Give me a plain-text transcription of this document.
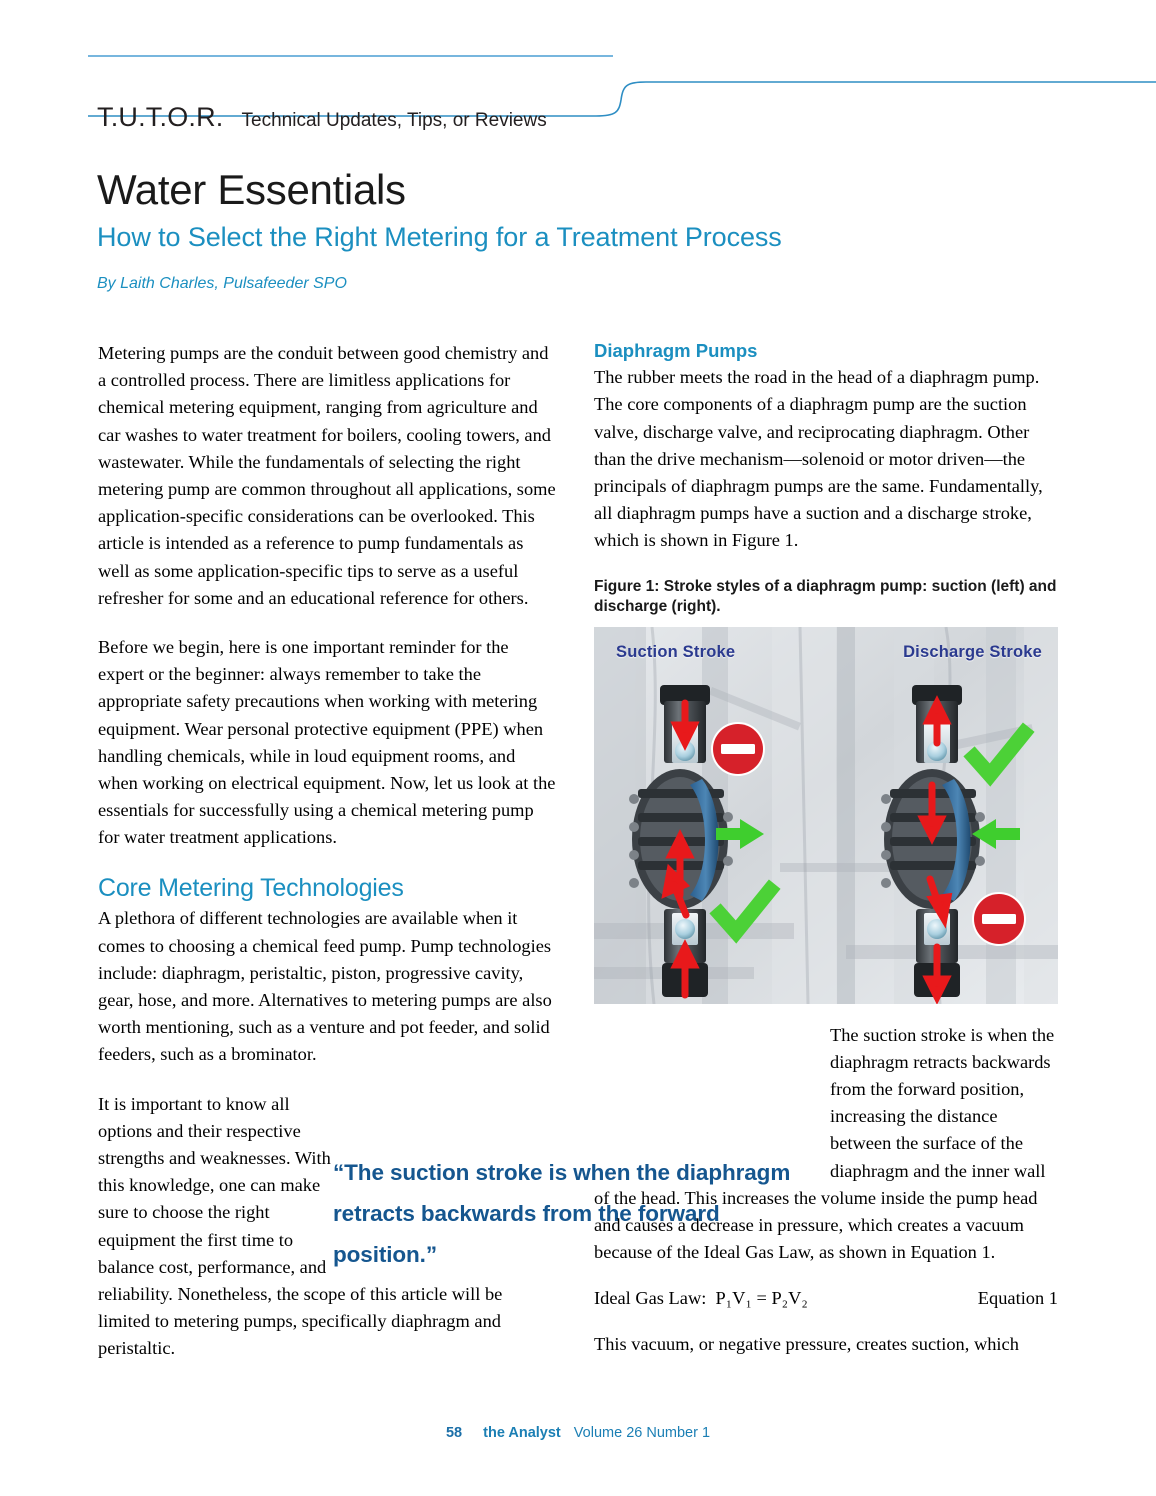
T.U.T.O.R. Technical Updates, Tips, or Reviews
Water Essentials
How to Select the Right Metering for a Treatment Process
By Laith Charles, Pulsafeeder SPO

Metering pumps are the conduit between good chemistry and a controlled process. There are limitless applications for chemical metering equipment, ranging from agriculture and car washes to water treatment for boilers, cooling towers, and wastewater. While the fundamentals of selecting the right metering pump are common throughout all applications, some application-specific considerations can be overlooked. This article is intended as a reference to pump fundamentals as well as some application-specific tips to serve as a useful refresher for some and an educational reference for others.

Before we begin, here is one important reminder for the expert or the beginner: always remember to take the appropriate safety precautions when working with metering equipment. Wear personal protective equipment (PPE) when handling chemicals, while in loud equipment rooms, and when working on electrical equipment. Now, let us look at the essentials for successfully using a chemical metering pump for water treatment applications.

Core Metering Technologies

A plethora of different technologies are available when it comes to choosing a chemical feed pump. Pump technologies include: diaphragm, peristaltic, piston, progressive cavity, gear, hose, and more. Alternatives to metering pumps are also worth mentioning, such as a venture and pot feeder, and solid feeders, such as a brominator.

It is important to know all options and their respective strengths and weaknesses. With this knowledge, one can make sure to choose the right equipment the first time to balance cost, performance, and reliability. Nonetheless, the scope of this article will be limited to metering pumps, specifically diaphragm and peristaltic.

“The suction stroke is when the diaphragm retracts backwards from the forward position.”
Diaphragm Pumps

The rubber meets the road in the head of a diaphragm pump. The core components of a diaphragm pump are the suction valve, discharge valve, and reciprocating diaphragm. Other than the drive mechanism—solenoid or motor driven—the principals of diaphragm pumps are the same. Fundamentally, all diaphragm pumps have a suction and a discharge stroke, which is shown in Figure 1.

Figure 1: Stroke styles of a diaphragm pump: suction (left) and discharge (right).
Suction Stroke	Discharge Stroke

The suction stroke is when the diaphragm retracts backwards from the forward position, increasing the distance between the surface of the diaphragm and the inner wall of the head. This increases the volume inside the pump head and causes a decrease in pressure, which creates a vacuum because of the Ideal Gas Law, as shown in Equation 1.

Ideal Gas Law: P₁V₁ = P₂V₂	Equation 1

This vacuum, or negative pressure, creates suction, which

58 the Analyst Volume 26 Number 1
